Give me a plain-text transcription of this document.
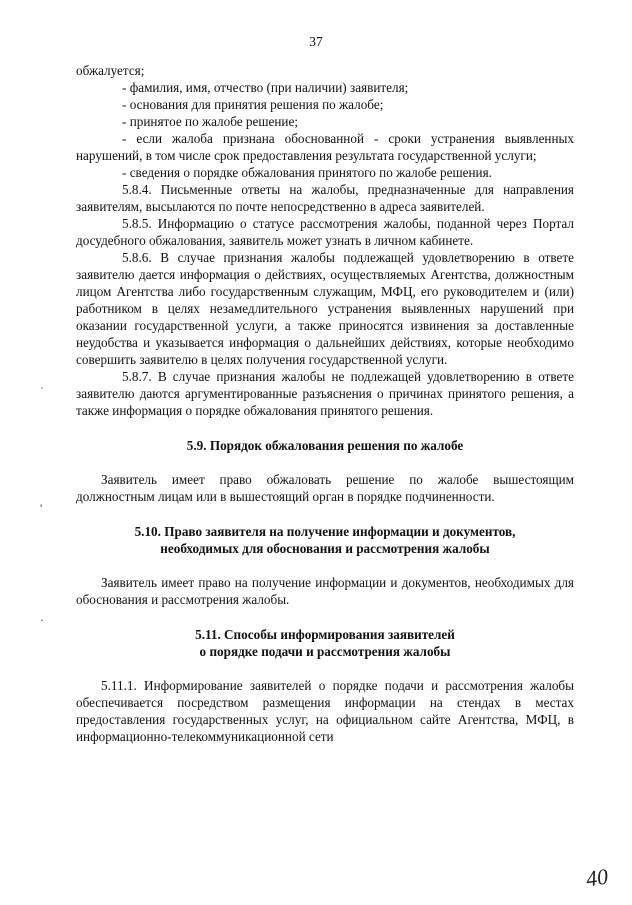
37

обжалуется;

- фамилия, имя, отчество (при наличии) заявителя;

- основания для принятия решения по жалобе;

- принятое по жалобе решение;

- если жалоба признана обоснованной - сроки устранения выявленных нарушений, в том числе срок предоставления результата государственной услуги;

- сведения о порядке обжалования принятого по жалобе решения.

5.8.4. Письменные ответы на жалобы, предназначенные для направления заявителям, высылаются по почте непосредственно в адреса заявителей.

5.8.5. Информацию о статусе рассмотрения жалобы, поданной через Портал досудебного обжалования, заявитель может узнать в личном кабинете.

5.8.6. В случае признания жалобы подлежащей удовлетворению в ответе заявителю дается информация о действиях, осуществляемых Агентства, должностным лицом Агентства либо государственным служащим, МФЦ, его руководителем и (или) работником в целях незамедлительного устранения выявленных нарушений при оказании государственной услуги, а также приносятся извинения за доставленные неудобства и указывается информация о дальнейших действиях, которые необходимо совершить заявителю в целях получения государственной услуги.

5.8.7. В случае признания жалобы не подлежащей удовлетворению в ответе заявителю даются аргументированные разъяснения о причинах принятого решения, а также информация о порядке обжалования принятого решения.

5.9. Порядок обжалования решения по жалобе

Заявитель имеет право обжаловать решение по жалобе вышестоящим должностным лицам или в вышестоящий орган в порядке подчиненности.

5.10. Право заявителя на получение информации и документов,

необходимых для обоснования и рассмотрения жалобы

Заявитель имеет право на получение информации и документов, необходимых для обоснования и рассмотрения жалобы.

5.11. Способы информирования заявителей

о порядке подачи и рассмотрения жалобы

5.11.1. Информирование заявителей о порядке подачи и рассмотрения жалобы обеспечивается посредством размещения информации на стендах в местах предоставления государственных услуг, на официальном сайте Агентства, МФЦ, в информационно-телекоммуникационной сети

˙
'
·
40
